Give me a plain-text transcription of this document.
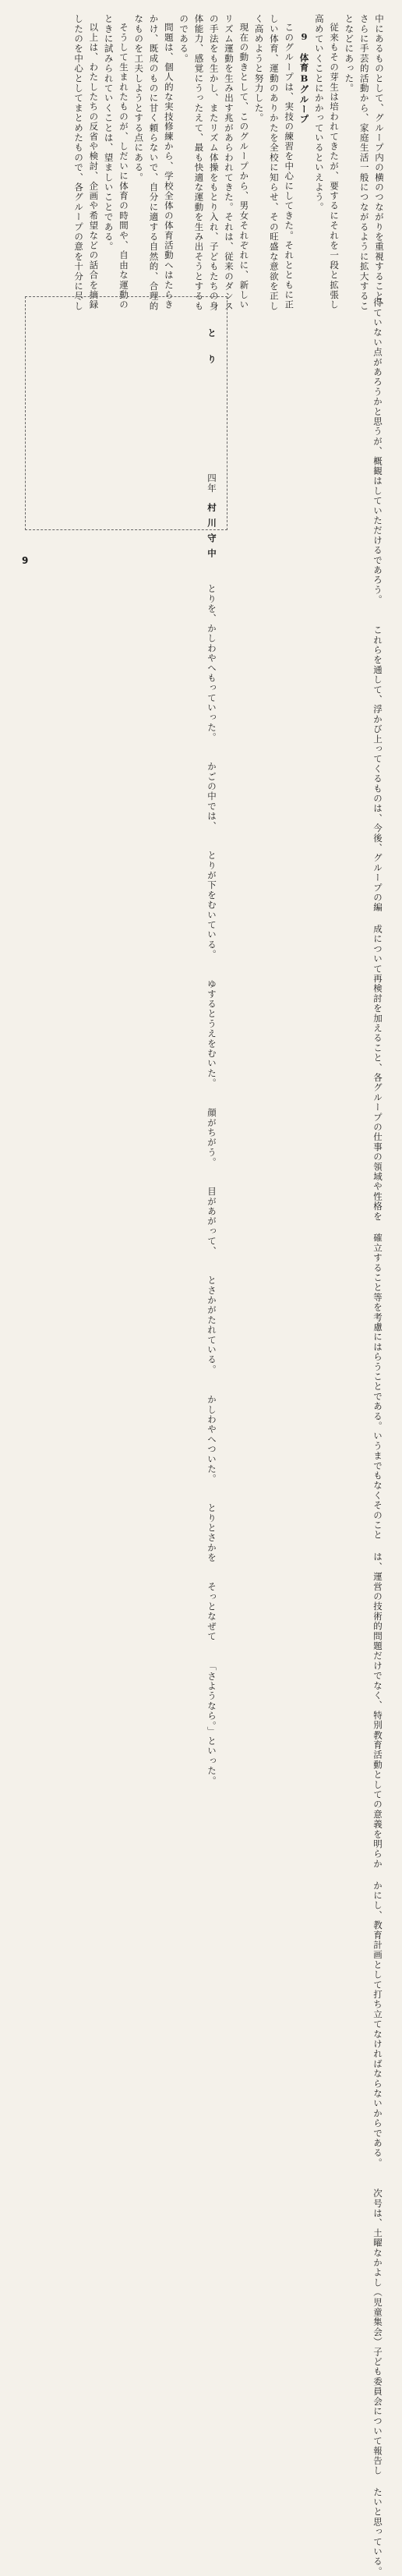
中にあるものとして、グループ内の横のつながりを重視すること、
さらに手芸的活動から、家庭生活一般につながるように拡大するこ
となどにあった。
従来もその芽生は培われてきたが、要するにそれを一段と拡張し
高めていくことにかかっているといえよう。
9　体育Bグループ
このグループは、実技の練習を中心にしてきた。それとともに正
しい体育、運動のありかたを全校に知らせ、その旺盛な意欲を正し
く高めようと努力した。
現在の動きとして、このグループから、男女それぞれに、新しい
リズム運動を生み出す兆があらわれてきた。それは、従来のダンス
の手法をも生かし、またリズム体操をもとり入れ、子どもたちの身
体能力、感覚にうったえて、最も快適な運動を生み出そうとするも
のである。
問題は、個人的な実技修練から、学校全体の体育活動へはたらき
かけ、既成のものに甘く頼らないで、自分に適する自然的、合理的
なものを工夫しようとする点にある。
そうして生まれたものが、しだいに体育の時間や、自由な運動の
ときに試みられていくことは、望ましいことである。
以上は、わたしたちの反省や検討、企画や希望などの話合を摘録
したのを中心としてまとめたもので、各グループの意を十分に尽し
得ていない点があろうかと思うが、概観はしていただけるであろう。 これらを通して、浮かび上ってくるものは、今後、グループの編 成について再検討を加えること、各グループの仕事の領域や性格を 確立すること等を考慮にはらうことである。いうまでもなくそのこと は、運営の技術的問題だけでなく、特別教育活動としての意義を明らか かにし、教育計画として打ち立てなければならないからである。 次号は、土曜なかよし（児童集会）子ども委員会について報告し たいと思っている。
とり 四年　村川守中 とりを、かしわやへもっていった。 かごの中では、 とりが下をむいている。 ゆするとうえをむいた。 顔がちがう。 目があがって、 とさかがたれている。 かしわやへついた。 とりとさかを そっとなぜて 「さようなら。」といった。
9
